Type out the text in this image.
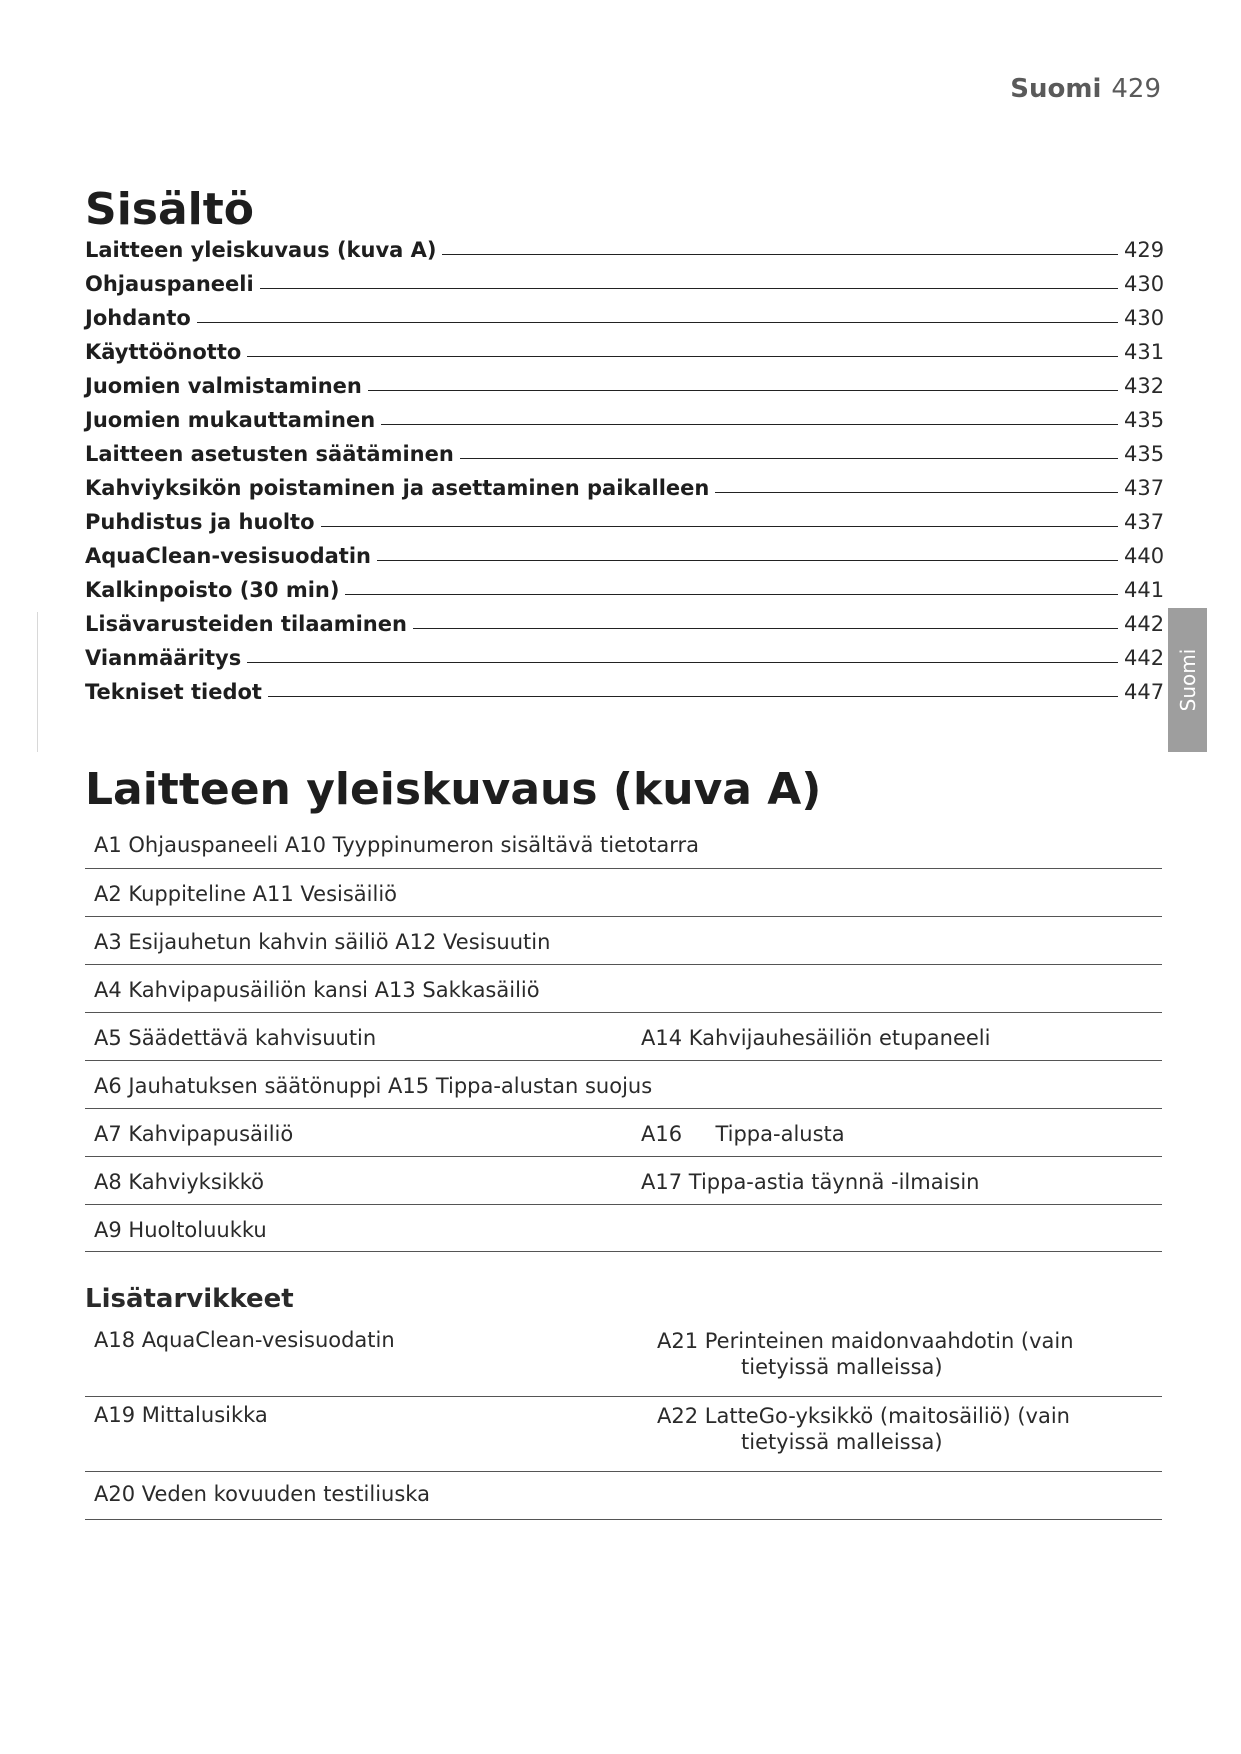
Suomi 429
Sisältö
Laitteen yleiskuvaus (kuva A)	429
Ohjauspaneeli	430
Johdanto	430
Käyttöönotto	431
Juomien valmistaminen	432
Juomien mukauttaminen	435
Laitteen asetusten säätäminen	435
Kahviyksikön poistaminen ja asettaminen paikalleen	437
Puhdistus ja huolto	437
AquaClean-vesisuodatin	440
Kalkinpoisto (30 min)	441
Lisävarusteiden tilaaminen	442
Vianmääritys	442
Tekniset tiedot	447 Suomi
Laitteen yleiskuvaus (kuva A)
A1 Ohjauspaneeli A10 Tyyppinumeron sisältävä tietotarra
A2 Kuppiteline A11 Vesisäiliö
A3 Esijauhetun kahvin säiliö A12 Vesisuutin
A4 Kahvipapusäiliön kansi A13 Sakkasäiliö
A5 Säädettävä kahvisuutin	A14 Kahvijauhesäiliön etupaneeli
A6 Jauhatuksen säätönuppi A15 Tippa-alustan suojus
A7 Kahvipapusäiliö	A16     Tippa-alusta
A8 Kahviyksikkö	A17 Tippa-astia täynnä -ilmaisin
A9 Huoltoluukku
Lisätarvikkeet
A18 AquaClean-vesisuodatin	A21 Perinteinen maidonvaahdotin (vain tietyissä malleissa)
A19 Mittalusikka	A22 LatteGo-yksikkö (maitosäiliö) (vain tietyissä malleissa)
A20 Veden kovuuden testiliuska
